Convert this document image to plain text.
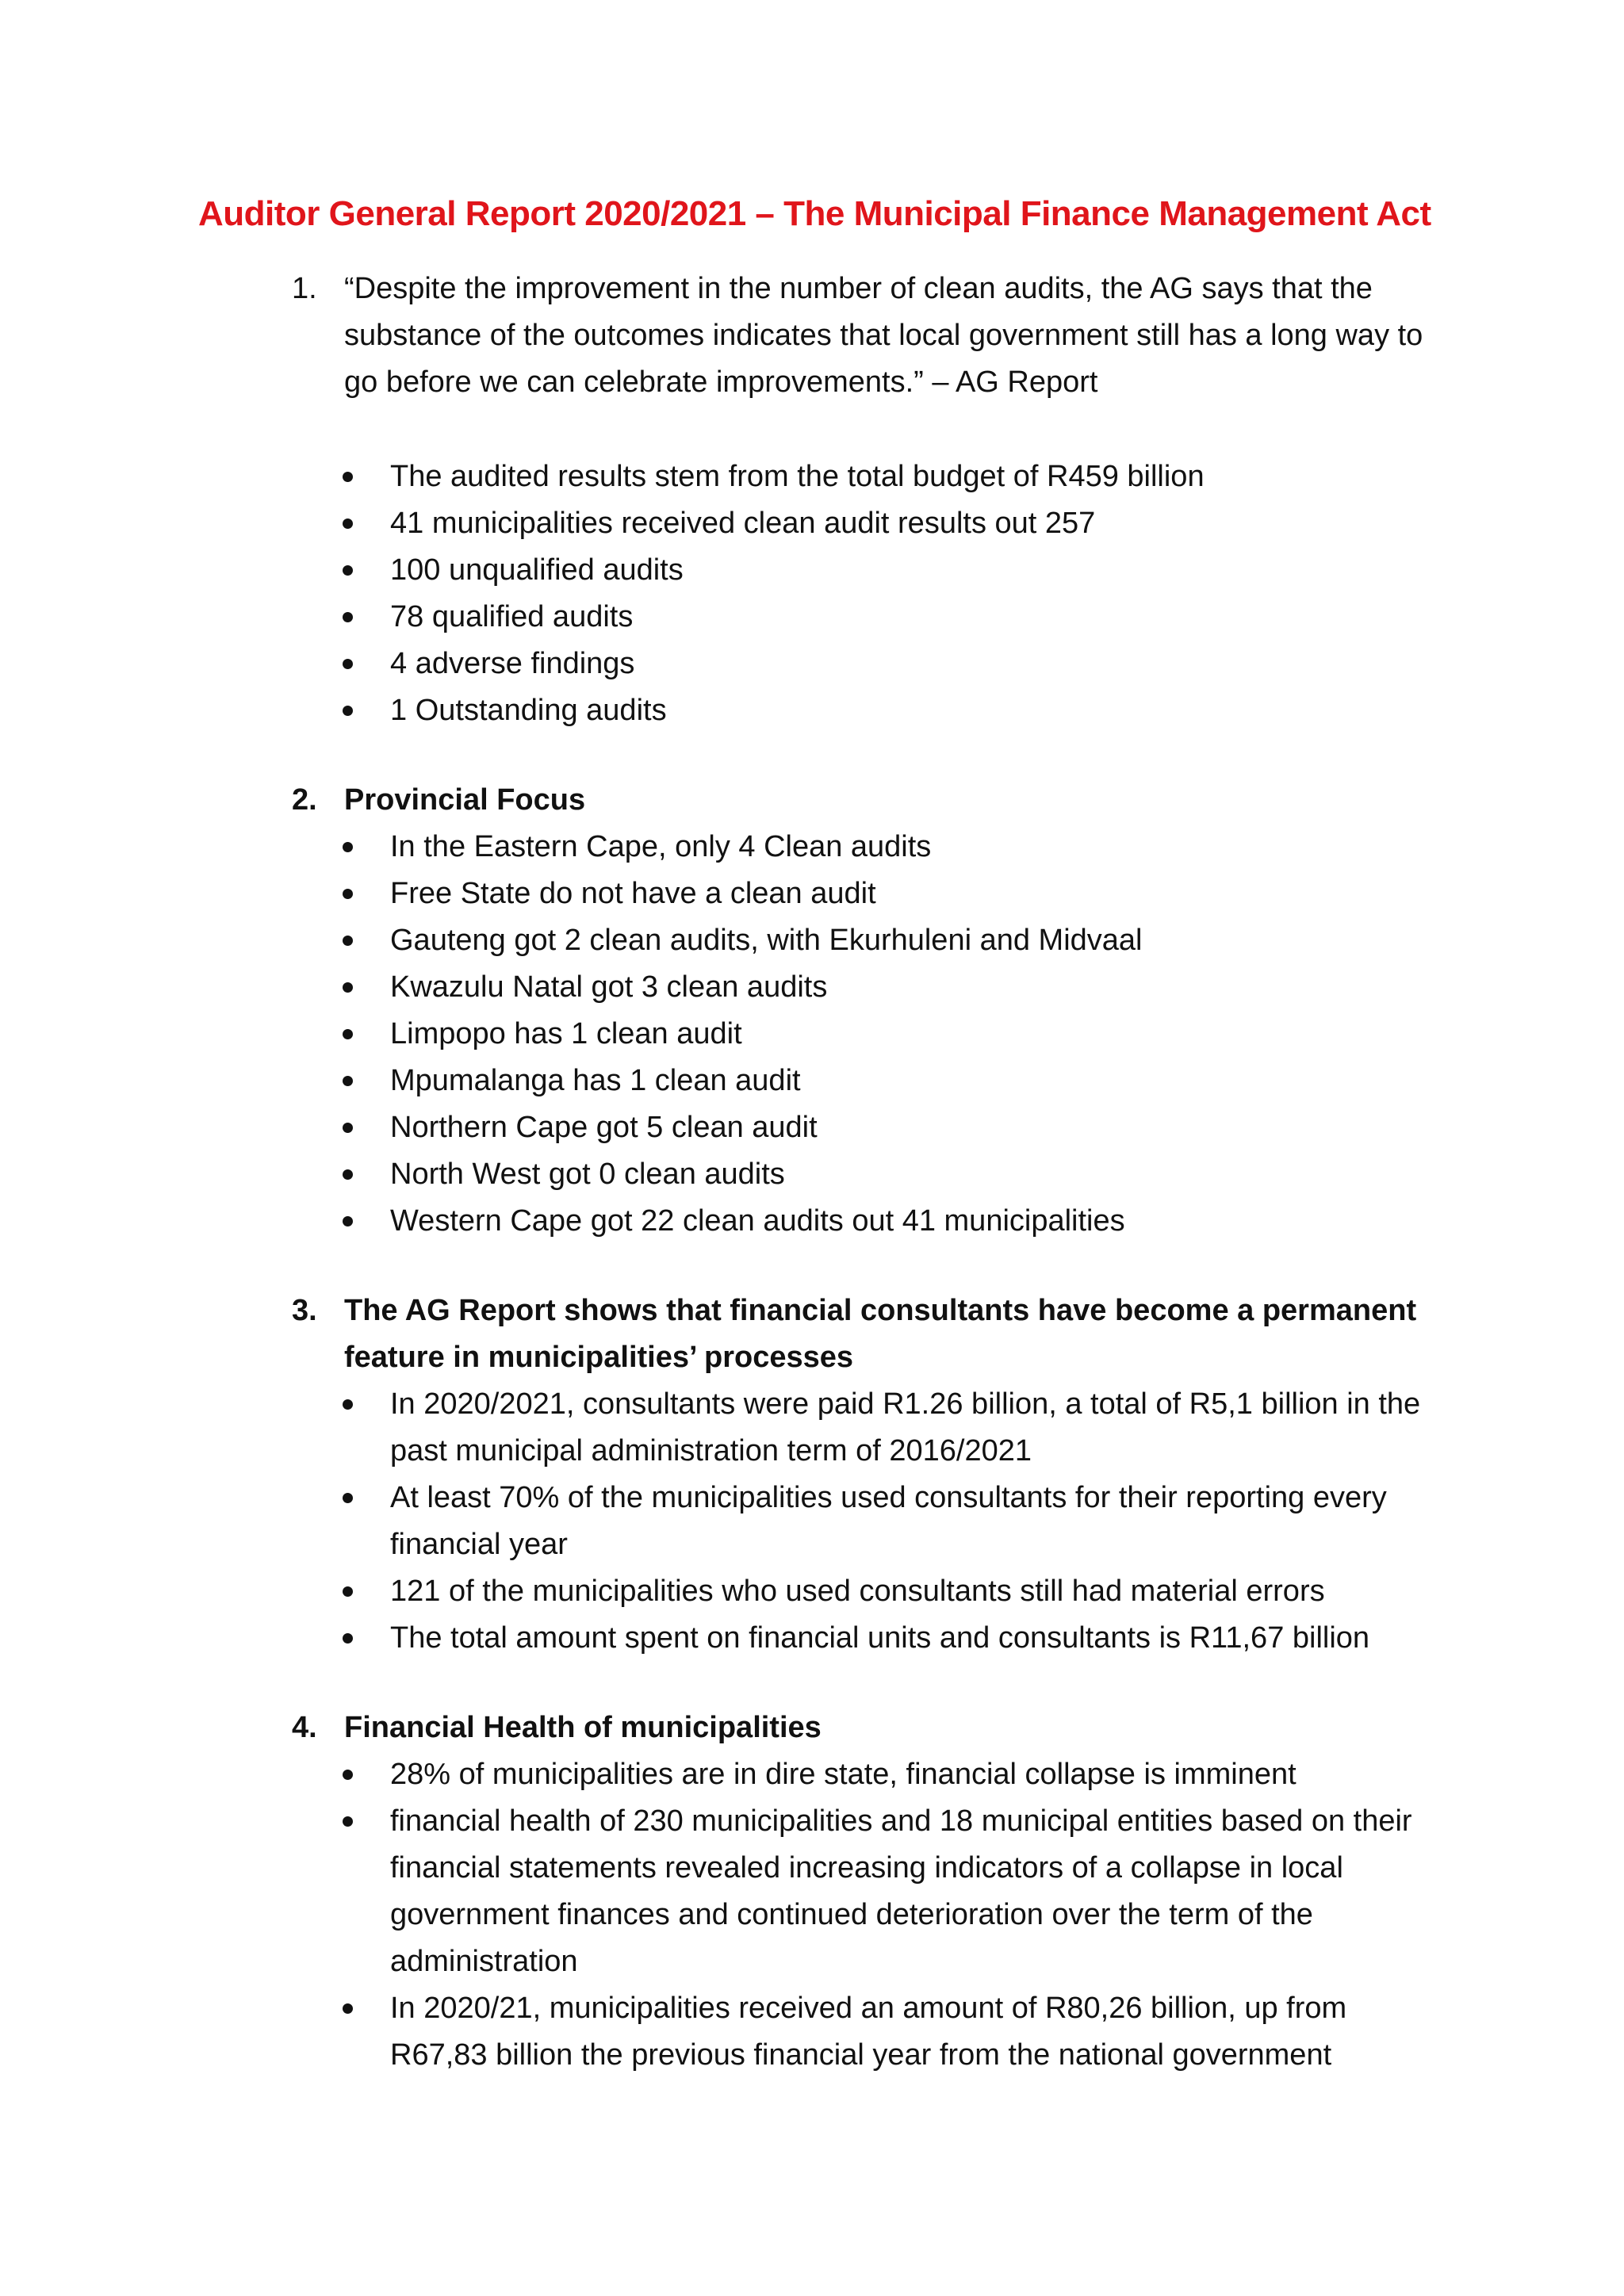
Auditor General Report 2020/2021 – The Municipal Finance Management Act
1. “Despite the improvement in the number of clean audits, the AG says that the substance of the outcomes indicates that local government still has a long way to go before we can celebrate improvements.” – AG Report
The audited results stem from the total budget of R459 billion
41 municipalities received clean audit results out 257
100 unqualified audits
78 qualified audits
4 adverse findings
1 Outstanding audits
2. Provincial Focus
In the Eastern Cape, only 4 Clean audits
Free State do not have a clean audit
Gauteng got 2 clean audits, with Ekurhuleni and Midvaal
Kwazulu Natal got 3 clean audits
Limpopo has 1 clean audit
Mpumalanga has 1 clean audit
Northern Cape got 5 clean audit
North West got 0 clean audits
Western Cape got 22 clean audits out 41 municipalities
3. The AG Report shows that financial consultants have become a permanent feature in municipalities’ processes
In 2020/2021, consultants were paid R1.26 billion, a total of R5,1 billion in the past municipal administration term of 2016/2021
At least 70% of the municipalities used consultants for their reporting every financial year
121 of the municipalities who used consultants still had material errors
The total amount spent on financial units and consultants is R11,67 billion
4. Financial Health of municipalities
28% of municipalities are in dire state, financial collapse is imminent
financial health of 230 municipalities and 18 municipal entities based on their financial statements revealed increasing indicators of a collapse in local government finances and continued deterioration over the term of the administration
In 2020/21, municipalities received an amount of R80,26 billion, up from R67,83 billion the previous financial year from the national government
